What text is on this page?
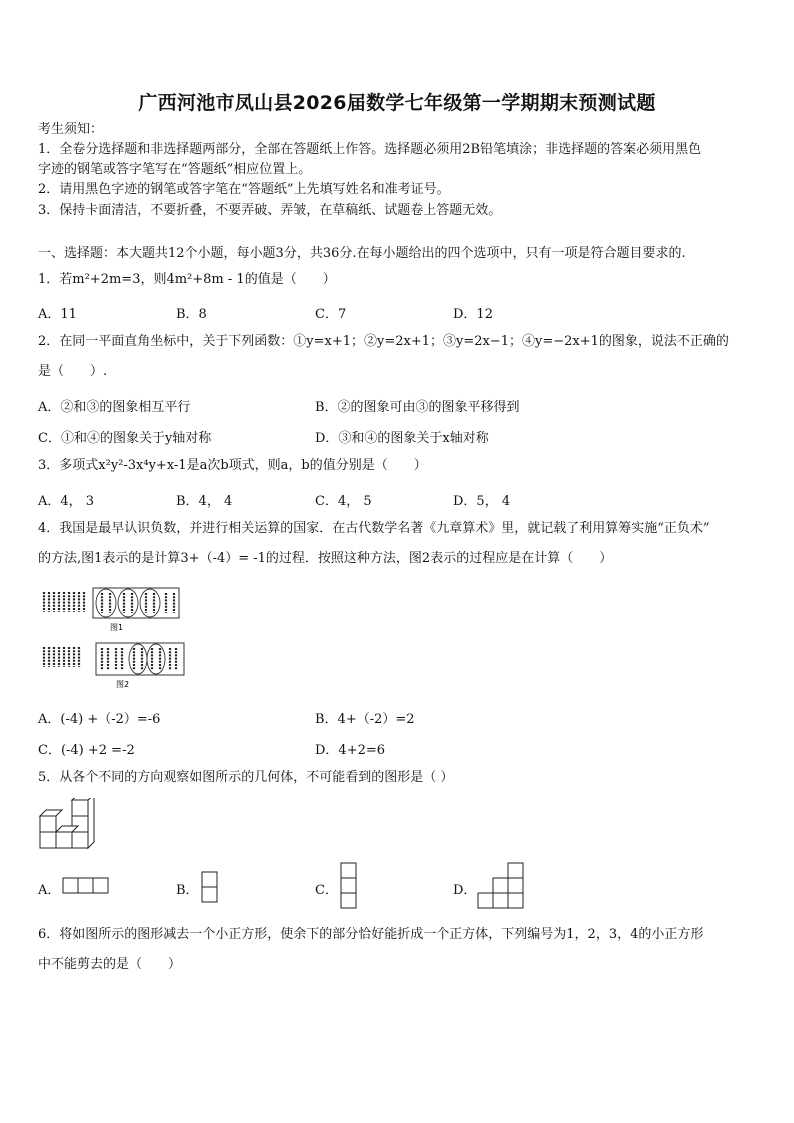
广西河池市凤山县2026届数学七年级第一学期期末预测试题
考生须知：
1．全卷分选择题和非选择题两部分，全部在答题纸上作答。选择题必须用2B铅笔填涂；非选择题的答案必须用黑色
字迹的钢笔或答字笔写在“答题纸”相应位置上。
2．请用黑色字迹的钢笔或答字笔在“答题纸”上先填写姓名和准考证号。
3．保持卡面清洁，不要折叠，不要弄破、弄皱，在草稿纸、试题卷上答题无效。
一、选择题：本大题共12个小题，每小题3分，共36分.在每小题给出的四个选项中，只有一项是符合题目要求的.
1．若m²+2m=3，则4m²+8m - 1的值是（　　）
A．11	B．8	C．7	D．12
2．在同一平面直角坐标中，关于下列函数：①y=x+1；②y=2x+1；③y=2x−1；④y=−2x+1的图象，说法不正确的
是（　　）.
A．②和③的图象相互平行	B．②的图象可由③的图象平移得到
C．①和④的图象关于y轴对称	D．③和④的图象关于x轴对称
3．多项式x²y²-3x⁴y+x-1是a次b项式，则a，b的值分别是（　　）
A．4， 3	B．4， 4	C．4， 5	D．5， 4
4．我国是最早认识负数，并进行相关运算的国家．在古代数学名著《九章算术》里，就记载了利用算筹实施“正负术”
的方法,图1表示的是计算3+（-4）= -1的过程．按照这种方法，图2表示的过程应是在计算（　　）
图1
图2
A．(-4) +（-2）=-6	B．4+（-2）=2
C．(-4) +2 =-2	D．4+2=6
5．从各个不同的方向观察如图所示的几何体，不可能看到的图形是（ ）
A．	B．	C．	D．
6．将如图所示的图形减去一个小正方形，使余下的部分恰好能折成一个正方体，下列编号为1，2，3，4的小正方形
中不能剪去的是（　　）
